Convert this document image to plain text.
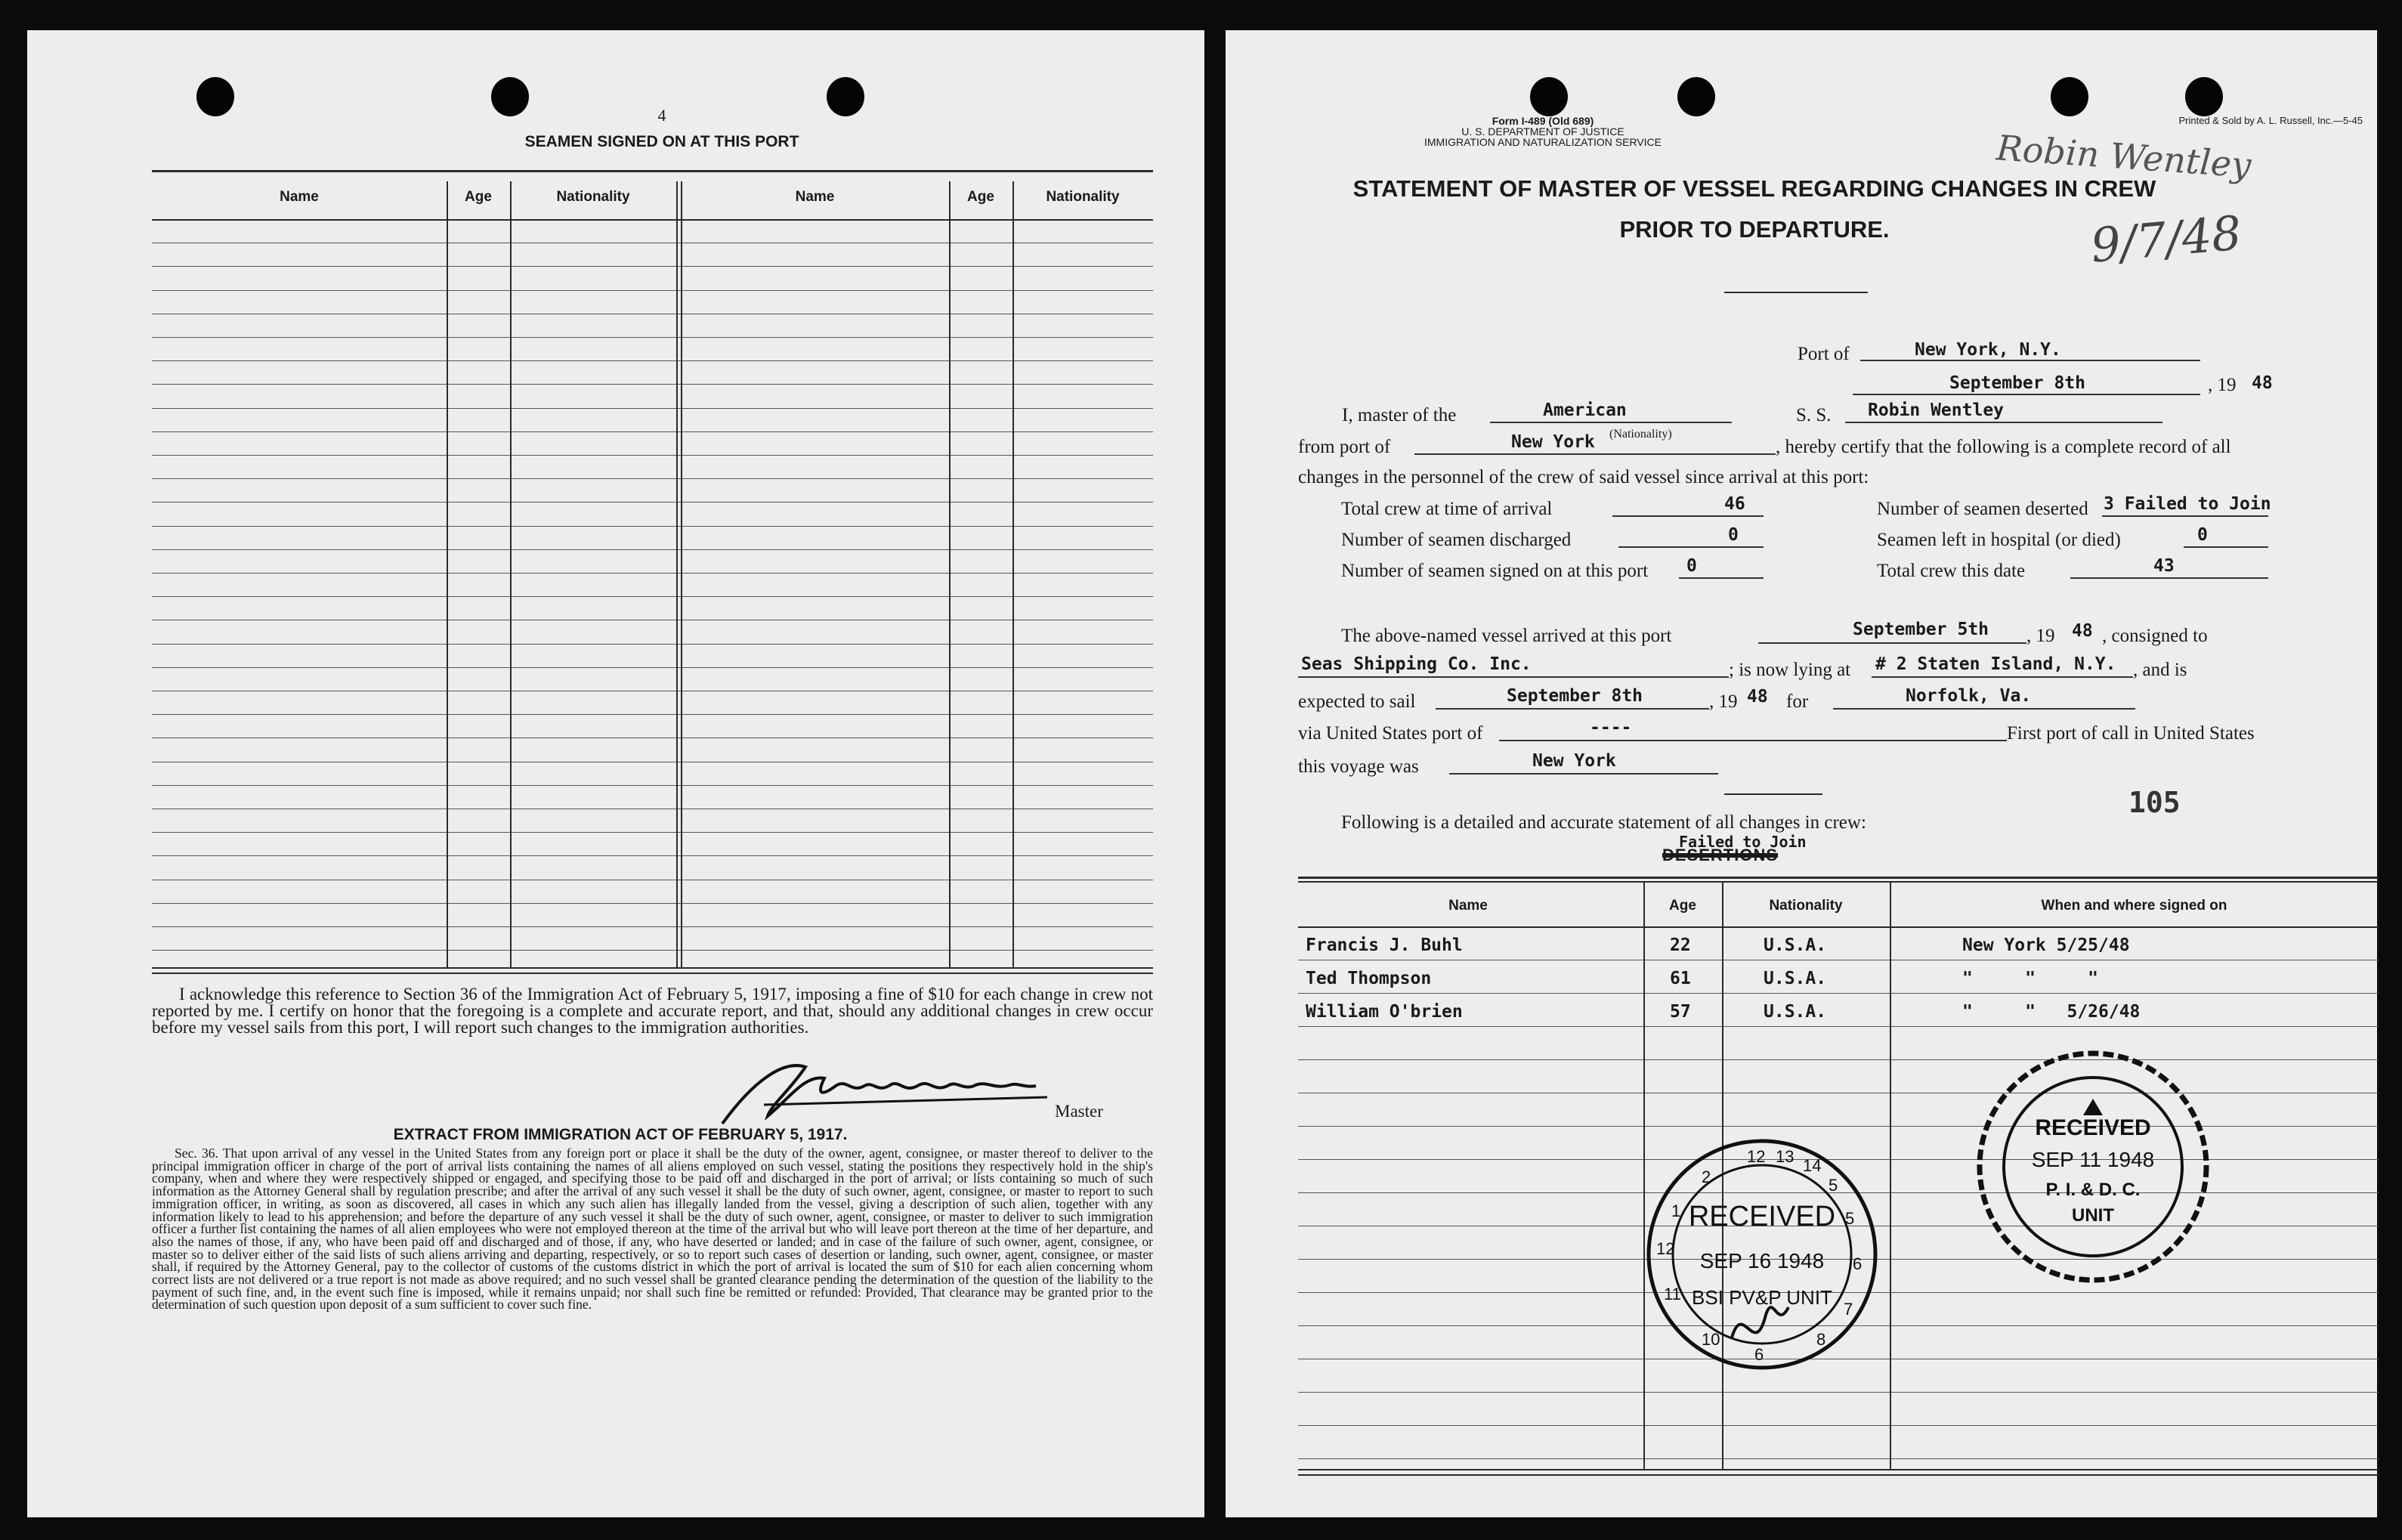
4
SEAMEN SIGNED ON AT THIS PORT
Name	Age	Nationality	Name	Age	Nationality
I acknowledge this reference to Section 36 of the Immigration Act of February 5, 1917, imposing a fine of $10 for each change in crew not reported by me. I certify on honor that the foregoing is a complete and accurate report, and that, should any additional changes in crew occur before my vessel sails from this port, I will report such changes to the immigration authorities.
Master
EXTRACT FROM IMMIGRATION ACT OF FEBRUARY 5, 1917.
Sec. 36. That upon arrival of any vessel in the United States from any foreign port or place it shall be the duty of the owner, agent, consignee, or master thereof to deliver to the principal immigration officer in charge of the port of arrival lists containing the names of all aliens employed on such vessel, stating the positions they respectively hold in the ship's company, when and where they were respectively shipped or engaged, and specifying those to be paid off and discharged in the port of arrival; or lists containing so much of such information as the Attorney General shall by regulation prescribe; and after the arrival of any such vessel it shall be the duty of such owner, agent, consignee, or master to report to such immigration officer, in writing, as soon as discovered, all cases in which any such alien has illegally landed from the vessel, giving a description of such alien, together with any information likely to lead to his apprehension; and before the departure of any such vessel it shall be the duty of such owner, agent, consignee, or master to deliver to such immigration officer a further list containing the names of all alien employees who were not employed thereon at the time of the arrival but who will leave port thereon at the time of her departure, and also the names of those, if any, who have been paid off and discharged and of those, if any, who have deserted or landed; and in case of the failure of such owner, agent, consignee, or master so to deliver either of the said lists of such aliens arriving and departing, respectively, or so to report such cases of desertion or landing, such owner, agent, consignee, or master shall, if required by the Attorney General, pay to the collector of customs of the customs district in which the port of arrival is located the sum of $10 for each alien concerning whom correct lists are not delivered or a true report is not made as above required; and no such vessel shall be granted clearance pending the determination of the question of the liability to the payment of such fine, and, in the event such fine is imposed, while it remains unpaid; nor shall such fine be remitted or refunded: Provided, That clearance may be granted prior to the determination of such question upon deposit of a sum sufficient to cover such fine.
Form I-489 (Old 689)
U. S. DEPARTMENT OF JUSTICE
IMMIGRATION AND NATURALIZATION SERVICE
Printed & Sold by A. L. Russell, Inc.—5-45
Robin Wentley
9/7/48
STATEMENT OF MASTER OF VESSEL REGARDING CHANGES IN CREW
PRIOR TO DEPARTURE.
Port of	New York, N.Y.
September 8th	, 19 48
I, master of the	American	S. S. Robin Wentley
from port of	New York (Nationality)
, hereby certify that the following is a complete record of all
changes in the personnel of the crew of said vessel since arrival at this port:
Total crew at time of arrival	46	Number of seamen deserted 3 Failed to Join
Number of seamen discharged	0	Seamen left in hospital (or died)	0
Number of seamen signed on at this port 0	Total crew this date	43
The above-named vessel arrived at this port	September 5th , 19 48 , consigned to
Seas Shipping Co. Inc.	; is now lying at # 2 Staten Island, N.Y. , and is
expected to sail	September 8th	, 19 48 for	Norfolk, Va.
via United States port of	----	First port of call in United States
this voyage was	New York
105
Following is a detailed and accurate statement of all changes in crew:
Failed to Join
DESERTIONS
Name	Age	Nationality	When and where signed on
Francis J. Buhl	22	U.S.A.	New York 5/25/48
Ted Thompson	61	U.S.A.	"     "     "
William O'brien	57	U.S.A.	"     "   5/26/48
12 13 14
5
5
6
7
8
6
10
11
12
1
2
RECEIVED
SEP 16 1948
BSI PV&P UNIT
RECEIVED
SEP 11 1948
P. I. & D. C.
UNIT
